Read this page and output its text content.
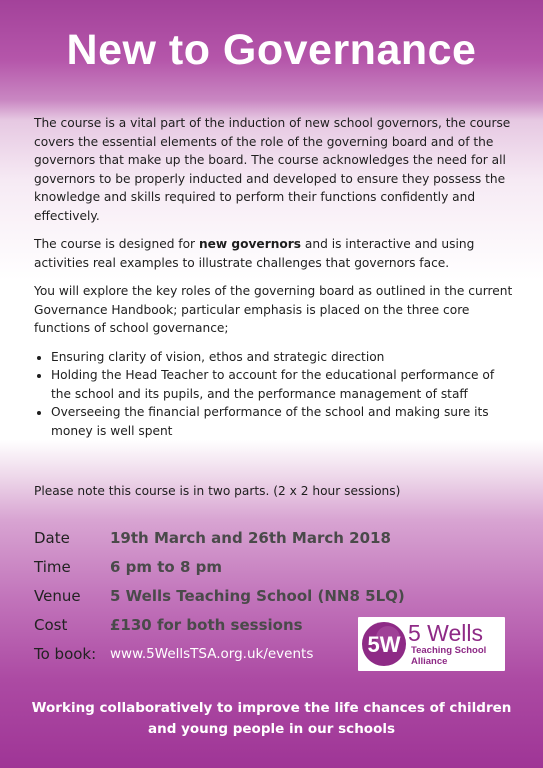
New to Governance

The course is a vital part of the induction of new school governors, the course covers the essential elements of the role of the governing board and of the governors that make up the board. The course acknowledges the need for all governors to be properly inducted and developed to ensure they possess the knowledge and skills required to perform their functions confidently and effectively.

The course is designed for new governors and is interactive and using activities real examples to illustrate challenges that governors face.

You will explore the key roles of the governing board as outlined in the current Governance Handbook; particular emphasis is placed on the three core functions of school governance;

• Ensuring clarity of vision, ethos and strategic direction
• Holding the Head Teacher to account for the educational performance of the school and its pupils, and the performance management of staff
• Overseeing the financial performance of the school and making sure its money is well spent
Please note this course is in two parts. (2 x 2 hour sessions)
Date	19th March and 26th March 2018
Time	6 pm to 8 pm
Venue	5 Wells Teaching School (NN8 5LQ)
Cost	£130 for both sessions
To book:	www.5WellsTSA.org.uk/events 5W 5 Wells
Teaching School
Alliance
Working collaboratively to improve the life chances of children
and young people in our schools
